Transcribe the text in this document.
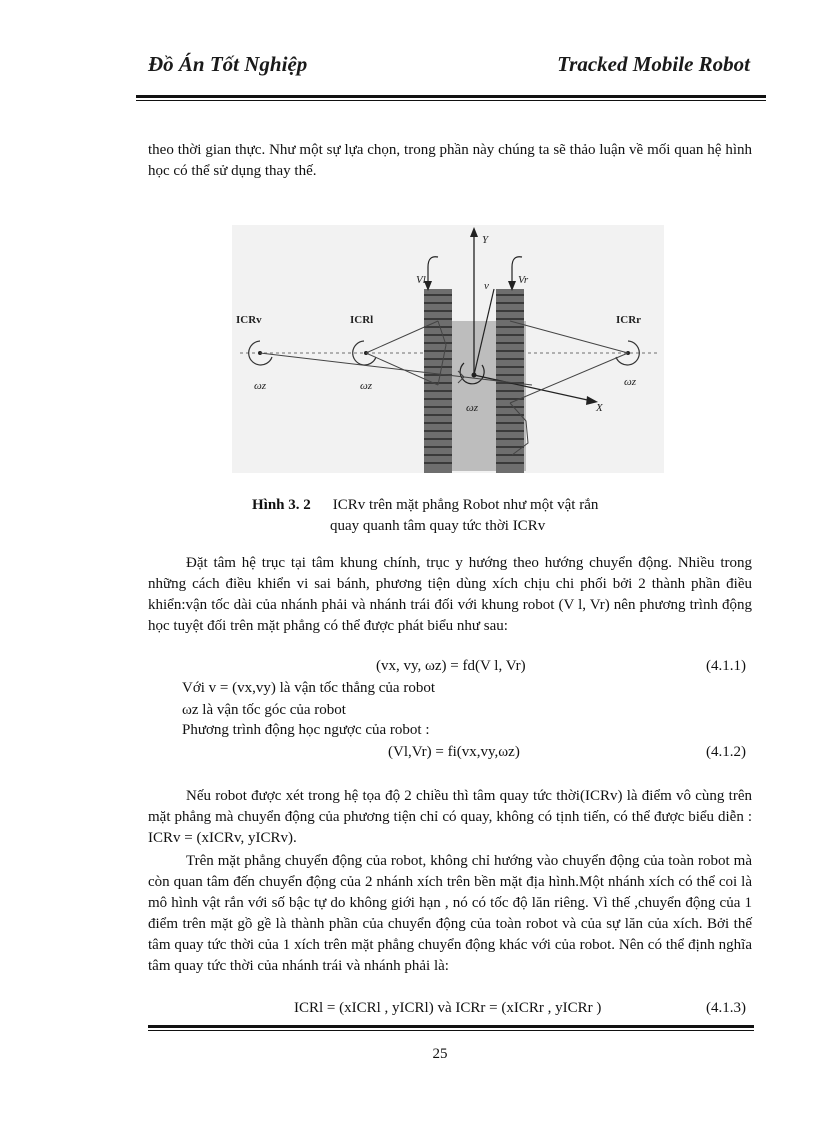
Đồ Án Tốt Nghiệp	Tracked Mobile Robot
theo thời gian thực. Như một sự lựa chọn, trong phần này chúng ta sẽ thảo luận về mối quan hệ hình học có thể sử dụng thay thế.
ICRv	ICRl	ICRr
Vl	Vr
v
Y
X
ωz	ωz
ωz
ωz
Hình 3. 2 ICRv trên mặt phẳng Robot như một vật rắn
quay quanh tâm quay tức thời ICRv
Đặt tâm hệ trục tại tâm khung chính, trục y hướng theo hướng chuyển động. Nhiều trong những cách điều khiển vi sai bánh, phương tiện dùng xích chịu chi phối bởi 2 thành phần điều khiển:vận tốc dài của nhánh phải và nhánh trái đối với khung robot (V l, Vr) nên phương trình động học tuyệt đối trên mặt phẳng có thể được phát biểu như sau:
(vx, vy, ωz) = fd(V l, Vr)	(4.1.1)
Với v = (vx,vy) là vận tốc thẳng của robot
ωz là vận tốc góc của robot
Phương trình động học ngược của robot :
(Vl,Vr) = fi(vx,vy,ωz)	(4.1.2)
Nếu robot được xét trong hệ tọa độ 2 chiều thì tâm quay tức thời(ICRv) là điểm vô cùng trên mặt phẳng mà chuyển động của phương tiện chỉ có quay, không có tịnh tiến, có thể được biểu diễn : ICRv = (xICRv, yICRv).
Trên mặt phẳng chuyển động của robot, không chỉ hướng vào chuyển động của toàn robot mà còn quan tâm đến chuyển động của 2 nhánh xích trên bền mặt địa hình.Một nhánh xích có thể coi là mô hình vật rắn với số bậc tự do không giới hạn , nó có tốc độ lăn riêng. Vì thế ,chuyển động của 1 điểm trên mặt gồ gề là thành phần của chuyển động của toàn robot và của sự lăn của xích. Bởi thế tâm quay tức thời của 1 xích trên mặt phẳng chuyển động khác với của robot. Nên có thể định nghĩa tâm quay tức thời của nhánh trái và nhánh phải là:
ICRl = (xICRl , yICRl) và ICRr = (xICRr , yICRr )	(4.1.3)
25
